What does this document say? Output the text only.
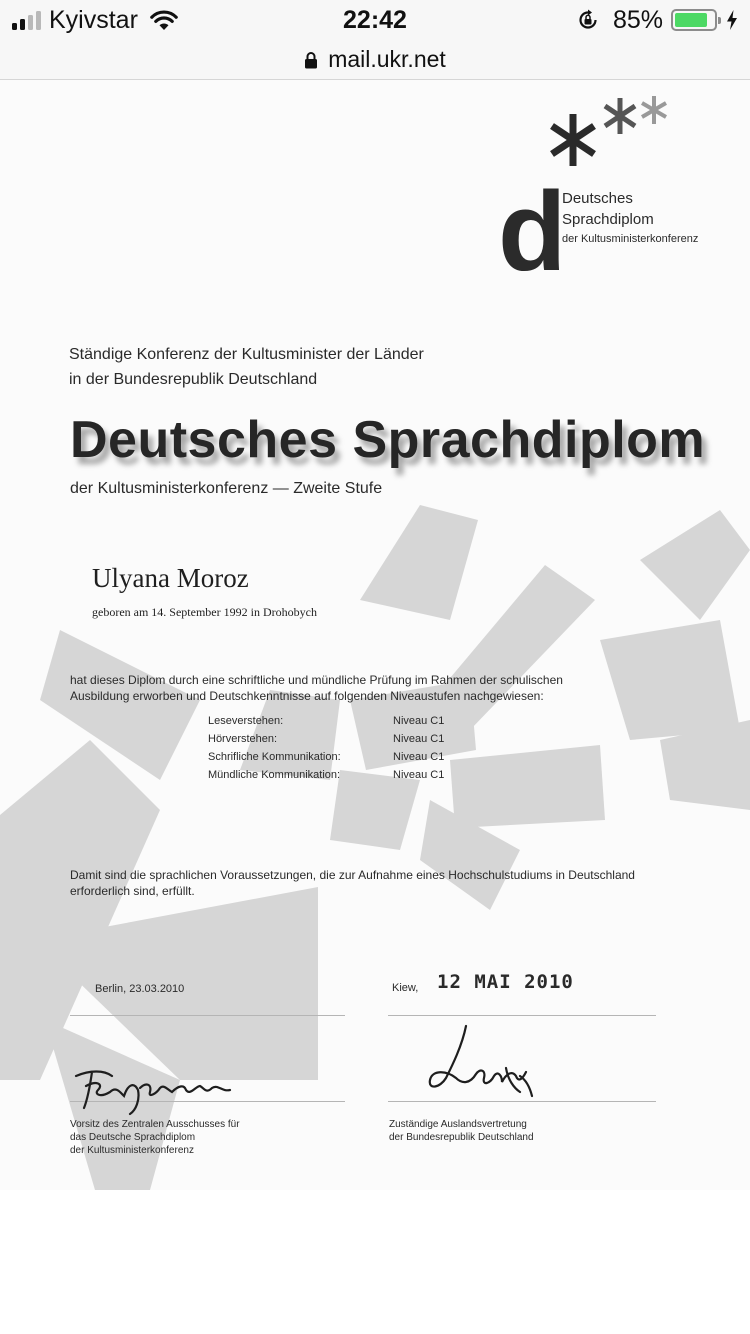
Kyivstar	22:42	85%
mail.ukr.net
d
Deutsches
Sprachdiplom
der Kultusministerkonferenz
Ständige Konferenz der Kultusminister der Länder
in der Bundesrepublik Deutschland
Deutsches Sprachdiplom
der Kultusministerkonferenz — Zweite Stufe
Ulyana Moroz
geboren am 14. September 1992 in Drohobych
hat dieses Diplom durch eine schriftliche und mündliche Prüfung im Rahmen der schulischen
Ausbildung erworben und Deutschkenntnisse auf folgenden Niveaustufen nachgewiesen:
Leseverstehen:	Niveau C1
Hörverstehen:	Niveau C1
Schrifliche Kommunikation:	Niveau C1
Mündliche Kommunikation:	Niveau C1
Damit sind die sprachlichen Voraussetzungen, die zur Aufnahme eines Hochschulstudiums in Deutschland
erforderlich sind, erfüllt.
Berlin, 23.03.2010	Kiew, 12 MAI 2010
Vorsitz des Zentralen Ausschusses für
das Deutsche Sprachdiplom
der Kultusministerkonferenz
Zuständige Auslandsvertretung
der Bundesrepublik Deutschland
